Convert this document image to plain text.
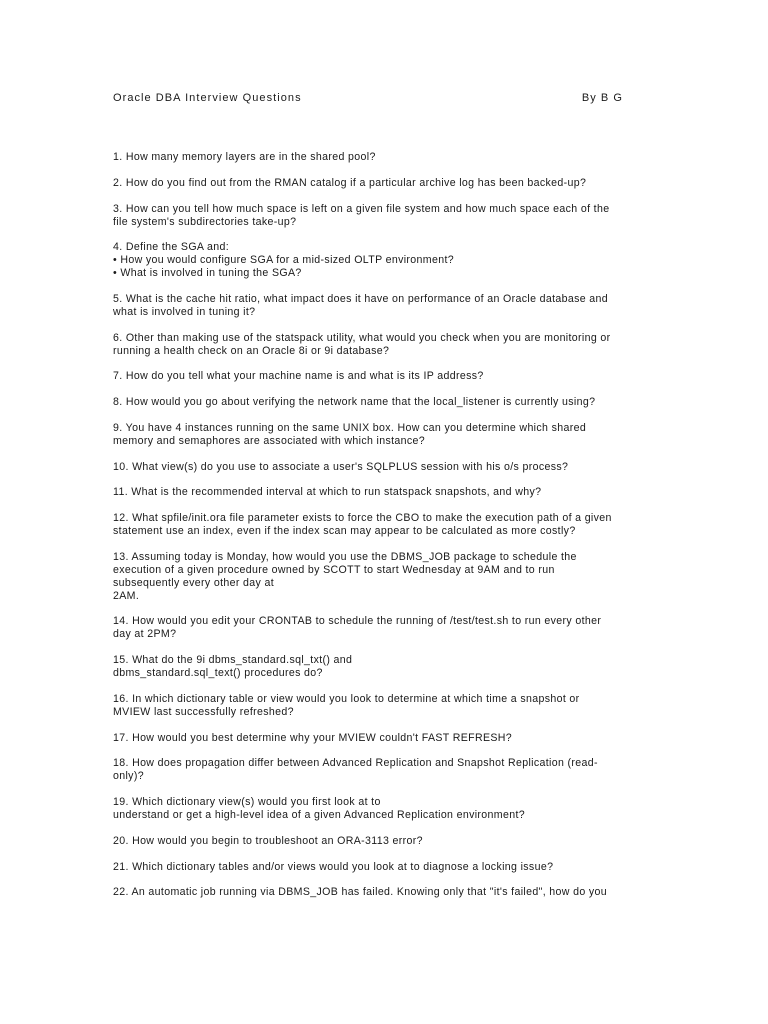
Oracle DBA Interview Questions	By B G
1. How many memory layers are in the shared pool?
2. How do you find out from the RMAN catalog if a particular archive log has been backed-up?
3. How can you tell how much space is left on a given file system and how much space each of the
file system's subdirectories take-up?
4. Define the SGA and:
• How you would configure SGA for a mid-sized OLTP environment?
• What is involved in tuning the SGA?
5. What is the cache hit ratio, what impact does it have on performance of an Oracle database and
what is involved in tuning it?
6. Other than making use of the statspack utility, what would you check when you are monitoring or
running a health check on an Oracle 8i or 9i database?
7. How do you tell what your machine name is and what is its IP address?
8. How would you go about verifying the network name that the local_listener is currently using?
9. You have 4 instances running on the same UNIX box. How can you determine which shared
memory and semaphores are associated with which instance?
10. What view(s) do you use to associate a user's SQLPLUS session with his o/s process?
11. What is the recommended interval at which to run statspack snapshots, and why?
12. What spfile/init.ora file parameter exists to force the CBO to make the execution path of a given
statement use an index, even if the index scan may appear to be calculated as more costly?
13. Assuming today is Monday, how would you use the DBMS_JOB package to schedule the
execution of a given procedure owned by SCOTT to start Wednesday at 9AM and to run
subsequently every other day at
2AM.
14. How would you edit your CRONTAB to schedule the running of /test/test.sh to run every other
day at 2PM?
15. What do the 9i dbms_standard.sql_txt() and
dbms_standard.sql_text() procedures do?
16. In which dictionary table or view would you look to determine at which time a snapshot or
MVIEW last successfully refreshed?
17. How would you best determine why your MVIEW couldn't FAST REFRESH?
18. How does propagation differ between Advanced Replication and Snapshot Replication (read-
only)?
19. Which dictionary view(s) would you first look at to
understand or get a high-level idea of a given Advanced Replication environment?
20. How would you begin to troubleshoot an ORA-3113 error?
21. Which dictionary tables and/or views would you look at to diagnose a locking issue?
22. An automatic job running via DBMS_JOB has failed. Knowing only that "it's failed", how do you
